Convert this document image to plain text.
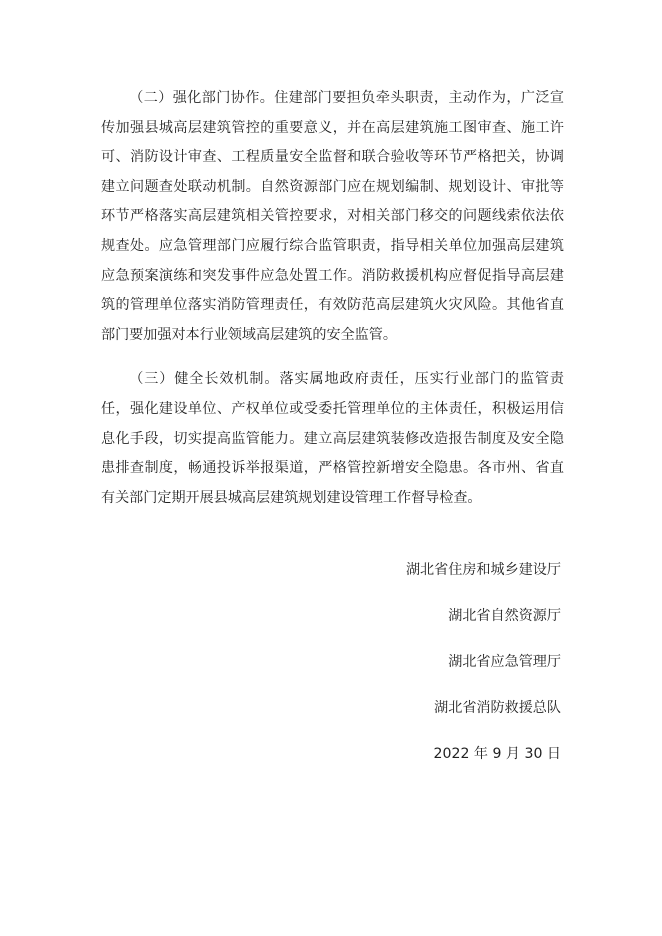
（二）强化部门协作。住建部门要担负牵头职责，主动作为，广泛宣传加强县城高层建筑管控的重要意义，并在高层建筑施工图审查、施工许可、消防设计审查、工程质量安全监督和联合验收等环节严格把关，协调建立问题查处联动机制。自然资源部门应在规划编制、规划设计、审批等环节严格落实高层建筑相关管控要求，对相关部门移交的问题线索依法依规查处。应急管理部门应履行综合监管职责，指导相关单位加强高层建筑应急预案演练和突发事件应急处置工作。消防救援机构应督促指导高层建筑的管理单位落实消防管理责任，有效防范高层建筑火灾风险。其他省直部门要加强对本行业领域高层建筑的安全监管。

（三）健全长效机制。落实属地政府责任，压实行业部门的监管责任，强化建设单位、产权单位或受委托管理单位的主体责任，积极运用信息化手段，切实提高监管能力。建立高层建筑装修改造报告制度及安全隐患排查制度，畅通投诉举报渠道，严格管控新增安全隐患。各市州、省直有关部门定期开展县城高层建筑规划建设管理工作督导检查。

湖北省住房和城乡建设厅
湖北省自然资源厅
湖北省应急管理厅
湖北省消防救援总队
2022 年 9 月 30 日
